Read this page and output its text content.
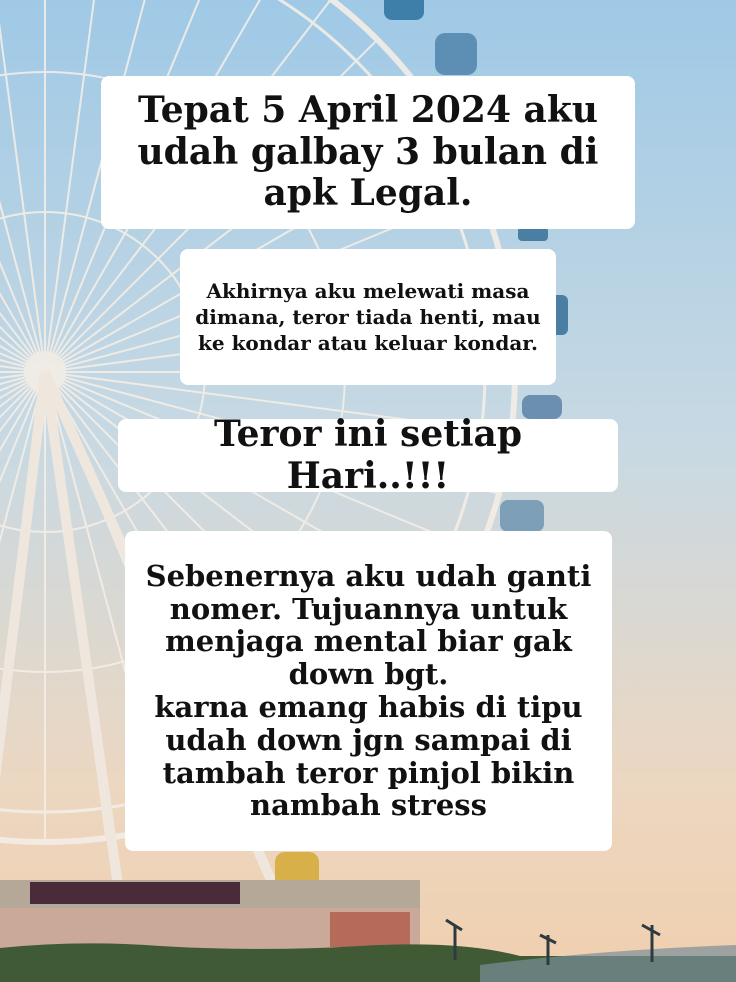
Tepat 5 April 2024 aku udah galbay 3 bulan di apk Legal.
Akhirnya aku melewati masa dimana, teror tiada henti, mau ke kondar atau keluar kondar.
Teror ini setiap Hari..!!!
Sebenernya aku udah ganti nomer. Tujuannya untuk menjaga mental biar gak down bgt.
karna emang habis di tipu udah down jgn sampai di tambah teror pinjol bikin nambah stress
